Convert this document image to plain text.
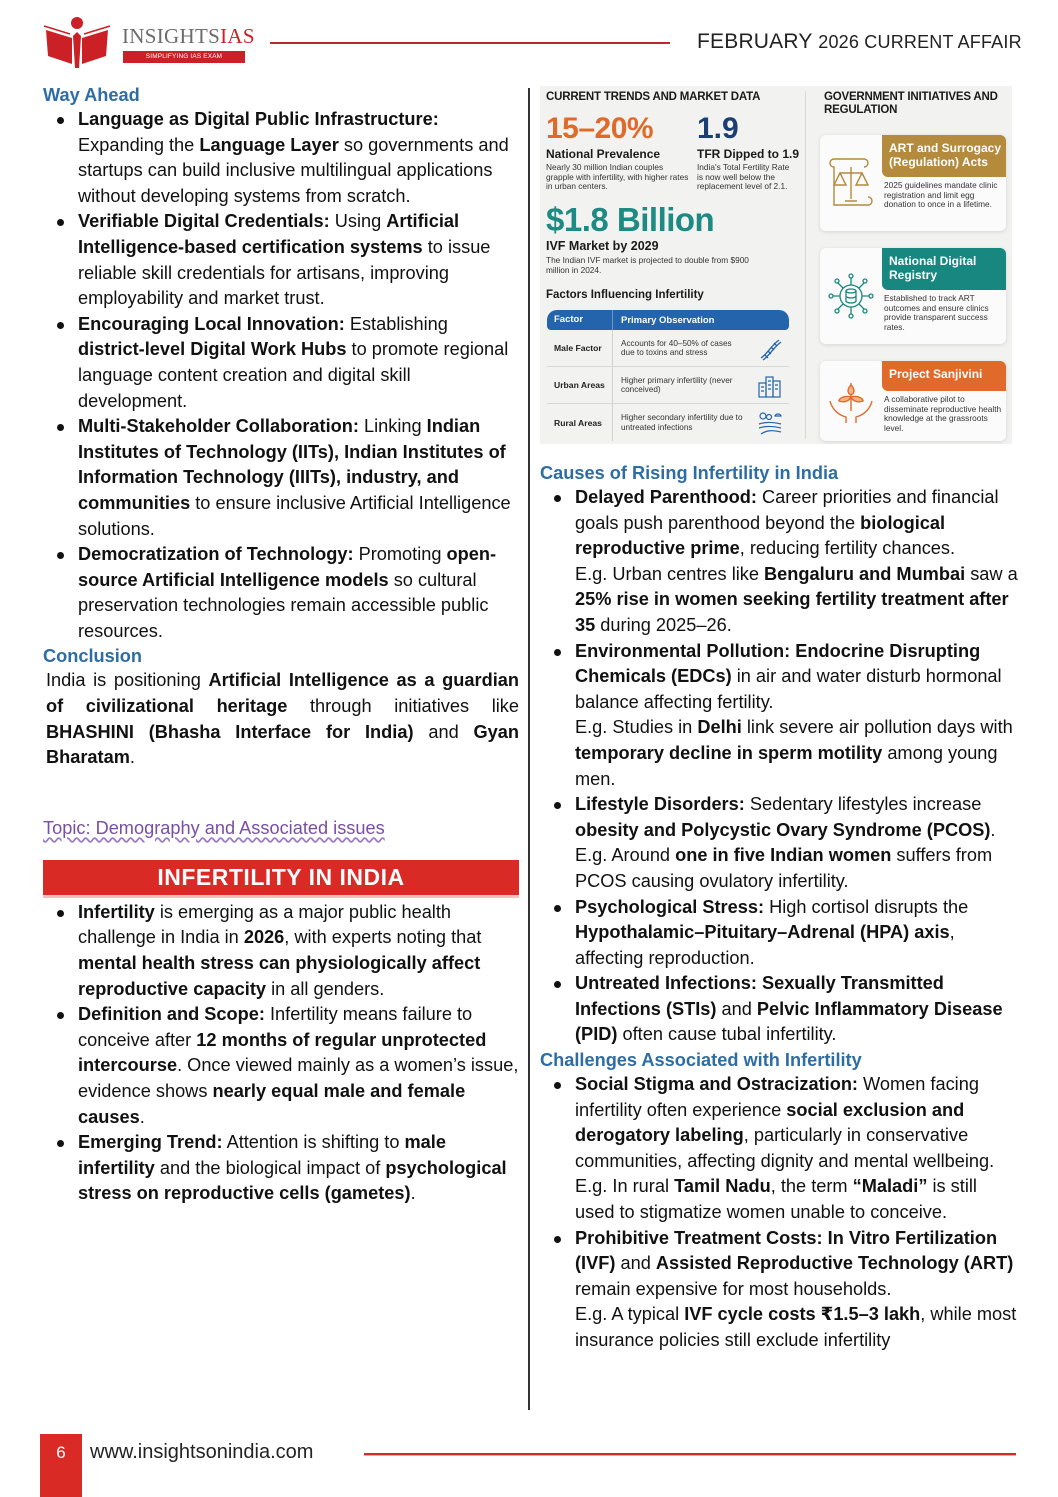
INSIGHTSIAS
SIMPLIFYING IAS EXAM PREPARATION
FEBRUARY 2026 CURRENT AFFAIR
Way Ahead
Language as Digital Public Infrastructure: Expanding the Language Layer so governments and startups can build inclusive multilingual applications without developing systems from scratch.
Verifiable Digital Credentials: Using Artificial Intelligence-based certification systems to issue reliable skill credentials for artisans, improving employability and market trust.
Encouraging Local Innovation: Establishing district-level Digital Work Hubs to promote regional language content creation and digital skill development.
Multi-Stakeholder Collaboration: Linking Indian Institutes of Technology (IITs), Indian Institutes of Information Technology (IIITs), industry, and communities to ensure inclusive Artificial Intelligence solutions.
Democratization of Technology: Promoting open-source Artificial Intelligence models so cultural preservation technologies remain accessible public resources.
Conclusion

India is positioning Artificial Intelligence as a guardian of civilizational heritage through initiatives like BHASHINI (Bhasha Interface for India) and Gyan Bharatam.

Topic: Demography and Associated issues
INFERTILITY IN INDIA
Infertility is emerging as a major public health challenge in India in 2026, with experts noting that mental health stress can physiologically affect reproductive capacity in all genders.
Definition and Scope: Infertility means failure to conceive after 12 months of regular unprotected intercourse. Once viewed mainly as a women’s issue, evidence shows nearly equal male and female causes.
Emerging Trend: Attention is shifting to male infertility and the biological impact of psychological stress on reproductive cells (gametes).
CURRENT TRENDS AND MARKET DATA
15–20%
National Prevalence
Nearly 30 million Indian couples grapple with infertility, with higher rates in urban centers.
1.9
TFR Dipped to 1.9
India's Total Fertility Rate is now well below the replacement level of 2.1.
$1.8 Billion
IVF Market by 2029
The Indian IVF market is projected to double from $900 million in 2024.
Factors Influencing Infertility
Factor	Primary Observation
Male Factor	Accounts for 40–50% of cases due to toxins and stress
Urban Areas	Higher primary infertility (never conceived)
Rural Areas	Higher secondary infertility due to untreated infections
GOVERNMENT INITIATIVES AND REGULATION
ART and Surrogacy (Regulation) Acts
2025 guidelines mandate clinic registration and limit egg donation to once in a lifetime.
National Digital Registry
Established to track ART outcomes and ensure clinics provide transparent success rates.
Project Sanjivini
A collaborative pilot to disseminate reproductive health knowledge at the grassroots level.
Causes of Rising Infertility in India
Delayed Parenthood: Career priorities and financial goals push parenthood beyond the biological reproductive prime, reducing fertility chances.
E.g. Urban centres like Bengaluru and Mumbai saw a 25% rise in women seeking fertility treatment after 35 during 2025–26.
Environmental Pollution: Endocrine Disrupting Chemicals (EDCs) in air and water disturb hormonal balance affecting fertility.
E.g. Studies in Delhi link severe air pollution days with temporary decline in sperm motility among young men.
Lifestyle Disorders: Sedentary lifestyles increase obesity and Polycystic Ovary Syndrome (PCOS).
E.g. Around one in five Indian women suffers from PCOS causing ovulatory infertility.
Psychological Stress: High cortisol disrupts the Hypothalamic–Pituitary–Adrenal (HPA) axis, affecting reproduction.
Untreated Infections: Sexually Transmitted Infections (STIs) and Pelvic Inflammatory Disease (PID) often cause tubal infertility.
Challenges Associated with Infertility
Social Stigma and Ostracization: Women facing infertility often experience social exclusion and derogatory labeling, particularly in conservative communities, affecting dignity and mental wellbeing.
E.g. In rural Tamil Nadu, the term “Maladi” is still used to stigmatize women unable to conceive.
Prohibitive Treatment Costs: In Vitro Fertilization (IVF) and Assisted Reproductive Technology (ART) remain expensive for most households.
E.g. A typical IVF cycle costs ₹1.5–3 lakh, while most insurance policies still exclude infertility
6	www.insightsonindia.com
